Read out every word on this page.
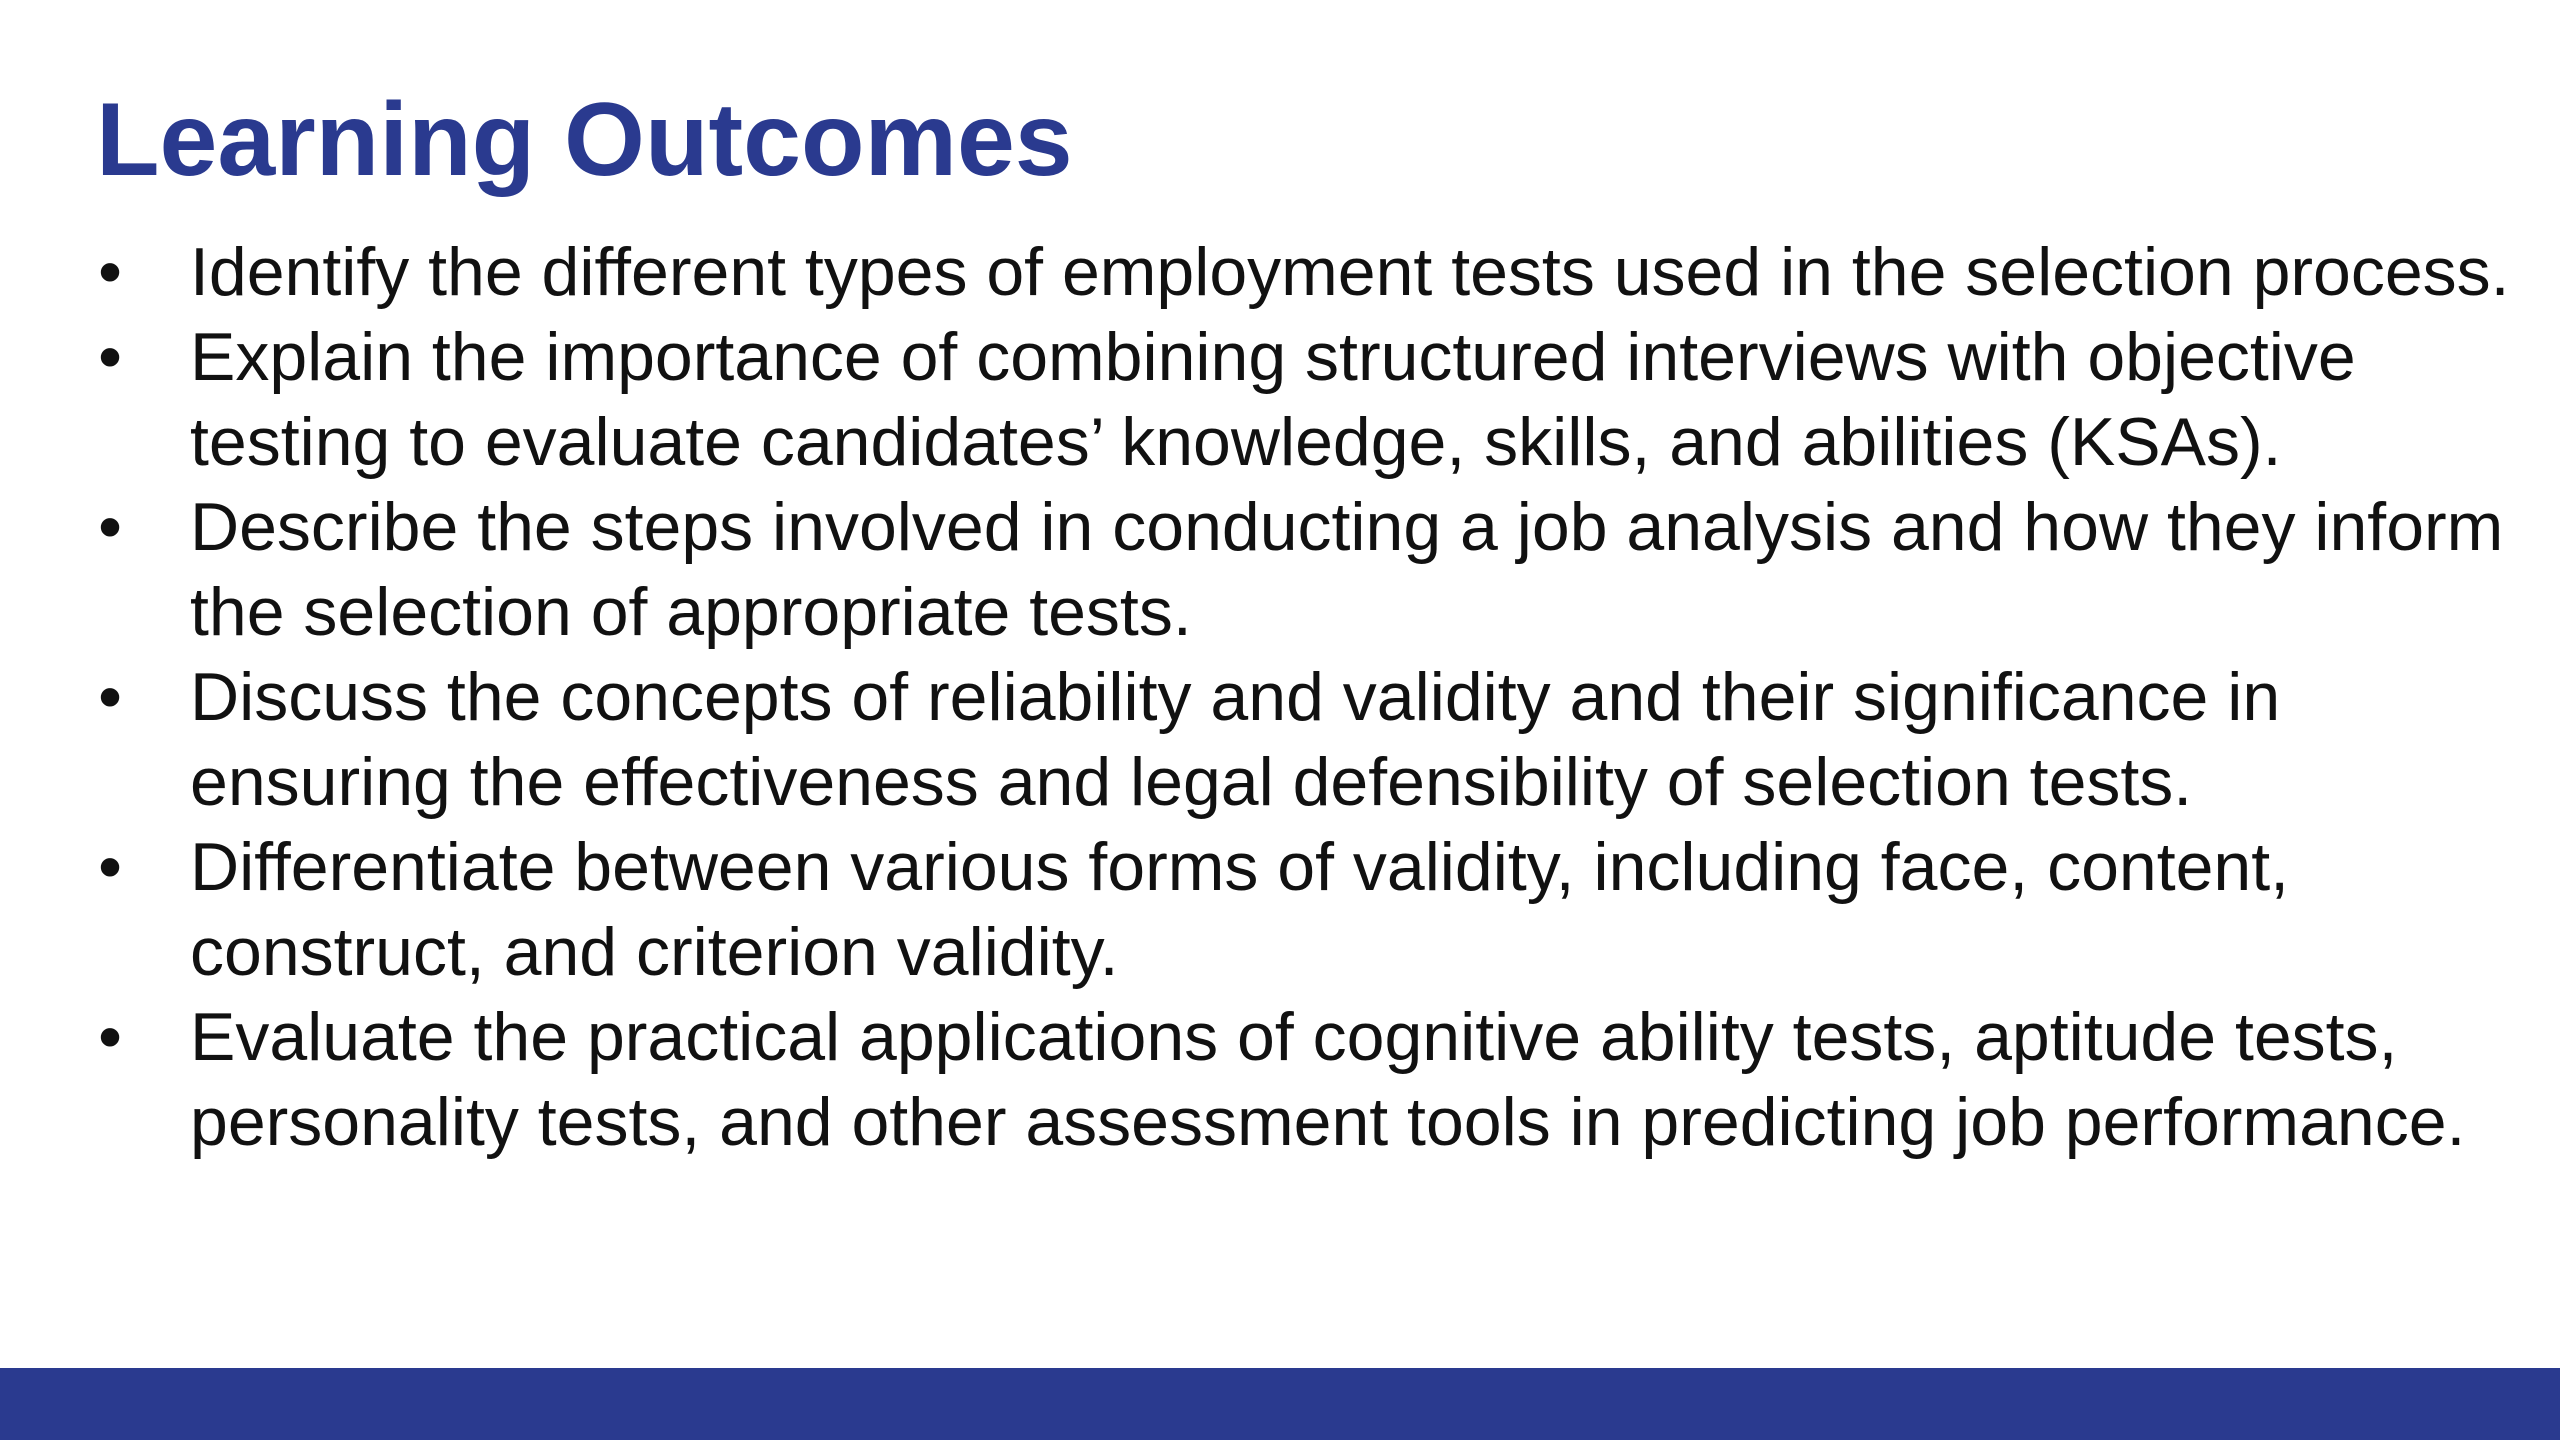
Learning Outcomes
• Identify the different types of employment tests used in the selection process.
• Explain the importance of combining structured interviews with objective testing to evaluate candidates’ knowledge, skills, and abilities (KSAs).
• Describe the steps involved in conducting a job analysis and how they inform the selection of appropriate tests.
• Discuss the concepts of reliability and validity and their significance in ensuring the effectiveness and legal defensibility of selection tests.
• Differentiate between various forms of validity, including face, content, construct, and criterion validity.
• Evaluate the practical applications of cognitive ability tests, aptitude tests, personality tests, and other assessment tools in predicting job performance.
